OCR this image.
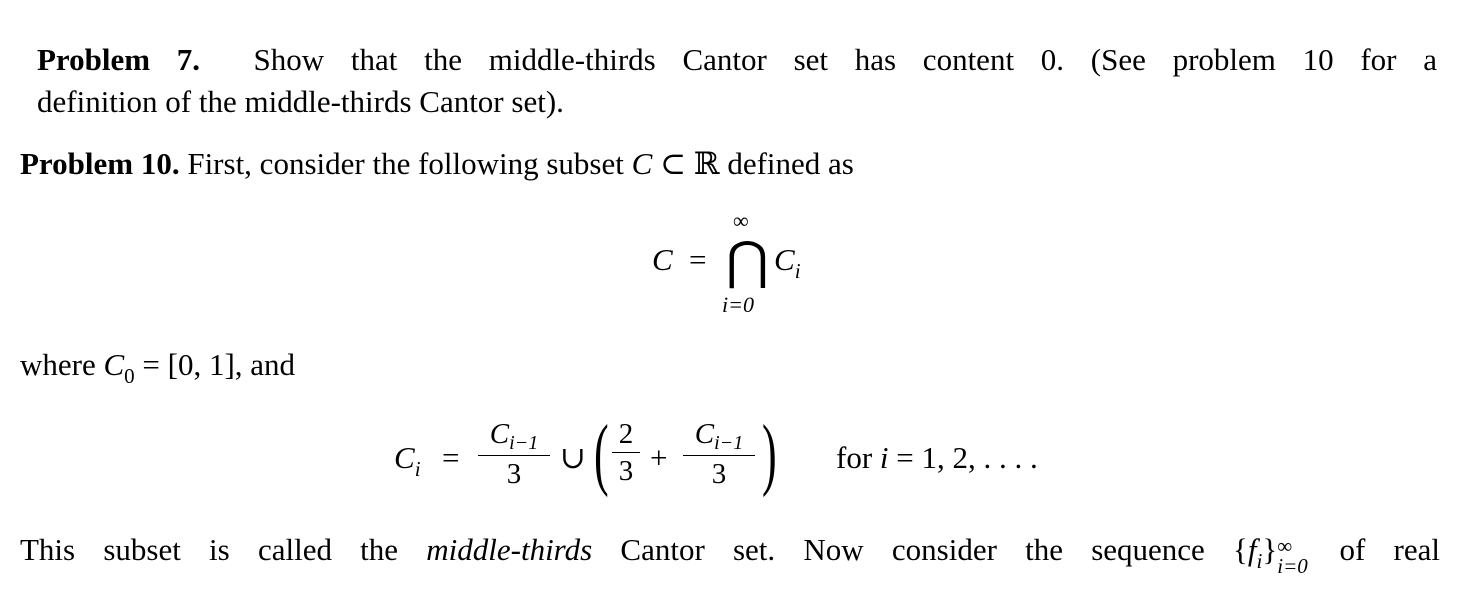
Problem 7. Show that the middle-thirds Cantor set has content 0. (See problem 10 for a
definition of the middle-thirds Cantor set).
Problem 10. First, consider the following subset C ⊂ ℝ defined as
C =
∞
⋂
i=0
$C_i$
where $C_0 = [0$, 1], and
$C_i$ =
$C_{i-1}$
3	∪ ( 2
3 +
$C_{i-1}$
3 ) for i = 1, 2, . . . .
This subset is called the middle-thirds Cantor set. Now consider the sequence $\{f_i\}$ ∞
i=0 of real
